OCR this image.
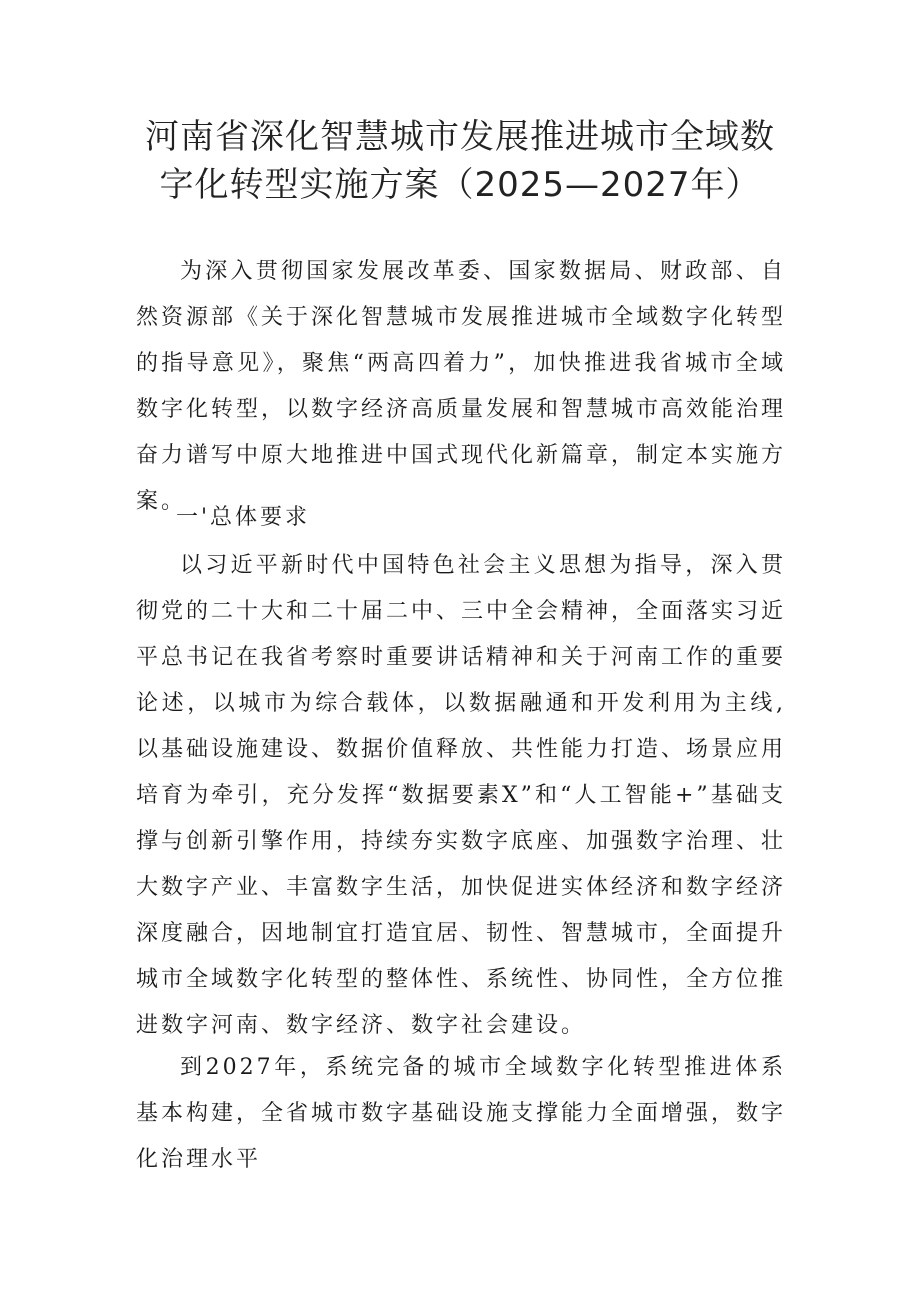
河南省深化智慧城市发展推进城市全域数
字化转型实施方案（2025—2027年）

为深入贯彻国家发展改革委、国家数据局、财政部、自然资源部《关于深化智慧城市发展推进城市全域数字化转型的指导意见》，聚焦“两高四着力”，加快推进我省城市全域数字化转型，以数字经济高质量发展和智慧城市高效能治理奋力谱写中原大地推进中国式现代化新篇章，制定本实施方案。

一'总体要求

以习近平新时代中国特色社会主义思想为指导，深入贯彻党的二十大和二十届二中、三中全会精神，全面落实习近平总书记在我省考察时重要讲话精神和关于河南工作的重要论述，以城市为综合载体，以数据融通和开发利用为主线,以基础设施建设、数据价值释放、共性能力打造、场景应用培育为牵引，充分发挥“数据要素X”和“人工智能+”基础支撑与创新引擎作用，持续夯实数字底座、加强数字治理、壮大数字产业、丰富数字生活，加快促进实体经济和数字经济深度融合，因地制宜打造宜居、韧性、智慧城市，全面提升城市全域数字化转型的整体性、系统性、协同性，全方位推进数字河南、数字经济、数字社会建设。

到2027年，系统完备的城市全域数字化转型推进体系基本构建，全省城市数字基础设施支撑能力全面增强，数字化治理水平
